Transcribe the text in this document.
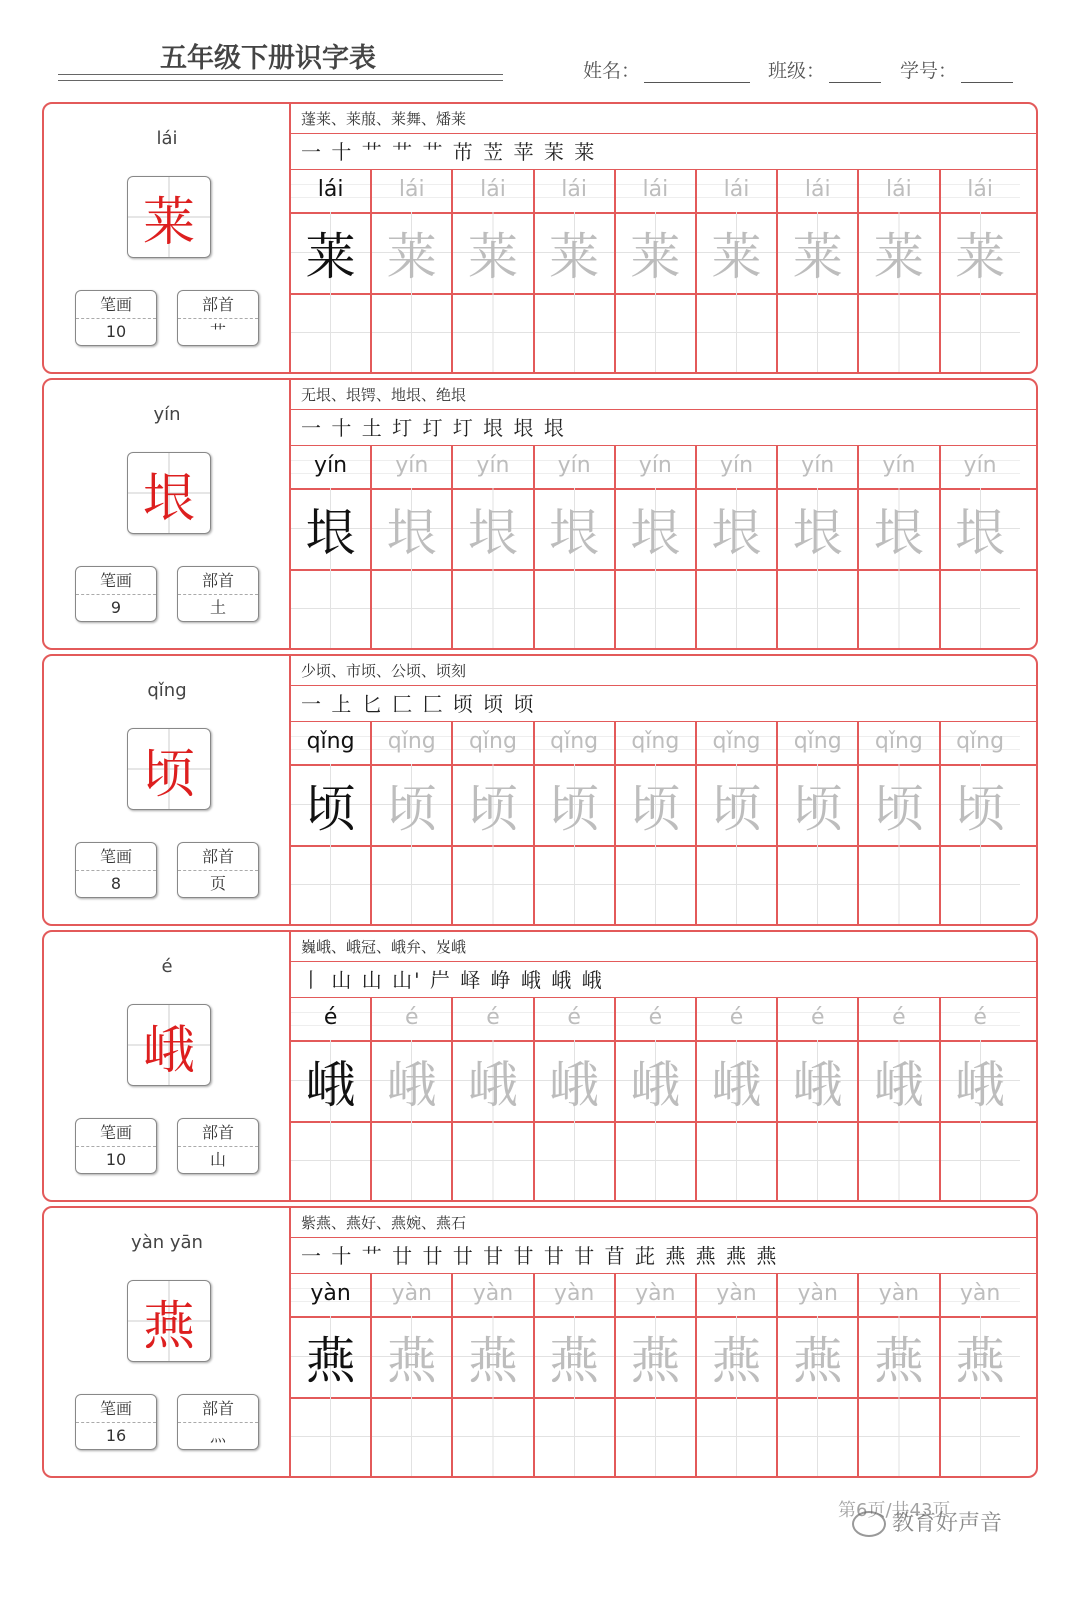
五年级下册识字表	姓名：	班级：	学号：
lái
莱
笔画
10
部首
艹
蓬莱、莱菔、莱舞、燔莱
一 十 艹 艹 艹 芇 苙 苹 茉 莱
lái	lái	lái	lái	lái	lái	lái	lái	lái
莱 莱 莱 莱 莱 莱 莱 莱 莱
yín
垠
笔画
9
部首
土
无垠、垠锷、地垠、绝垠
一 十 土 圢 圢 圢 垠 垠 垠
yín	yín	yín	yín	yín	yín	yín	yín	yín
垠 垠 垠 垠 垠 垠 垠 垠 垠
qǐng
顷
笔画
8
部首
页
少顷、市顷、公顷、顷刻
一 上 匕 匚 匚 顷 顷 顷
qǐng	qǐng	qǐng	qǐng	qǐng	qǐng	qǐng	qǐng	qǐng
顷 顷 顷 顷 顷 顷 顷 顷 顷
é
峨
笔画
10
部首
山
巍峨、峨冠、峨弁、岌峨
丨 山 山 山' 屵 峄 峥 峨 峨 峨
é	é	é	é	é	é	é	é	é
峨 峨 峨 峨 峨 峨 峨 峨 峨
yàn yān
燕
笔画
16
部首
灬
紫燕、燕好、燕婉、燕石
一 十 艹 廿 廿 廿 甘 甘 甘 甘 苜 茈 燕 燕 燕 燕
yàn	yàn	yàn	yàn	yàn	yàn	yàn	yàn	yàn
燕 燕 燕 燕 燕 燕 燕 燕 燕
教育好声音
第6页/共43页
